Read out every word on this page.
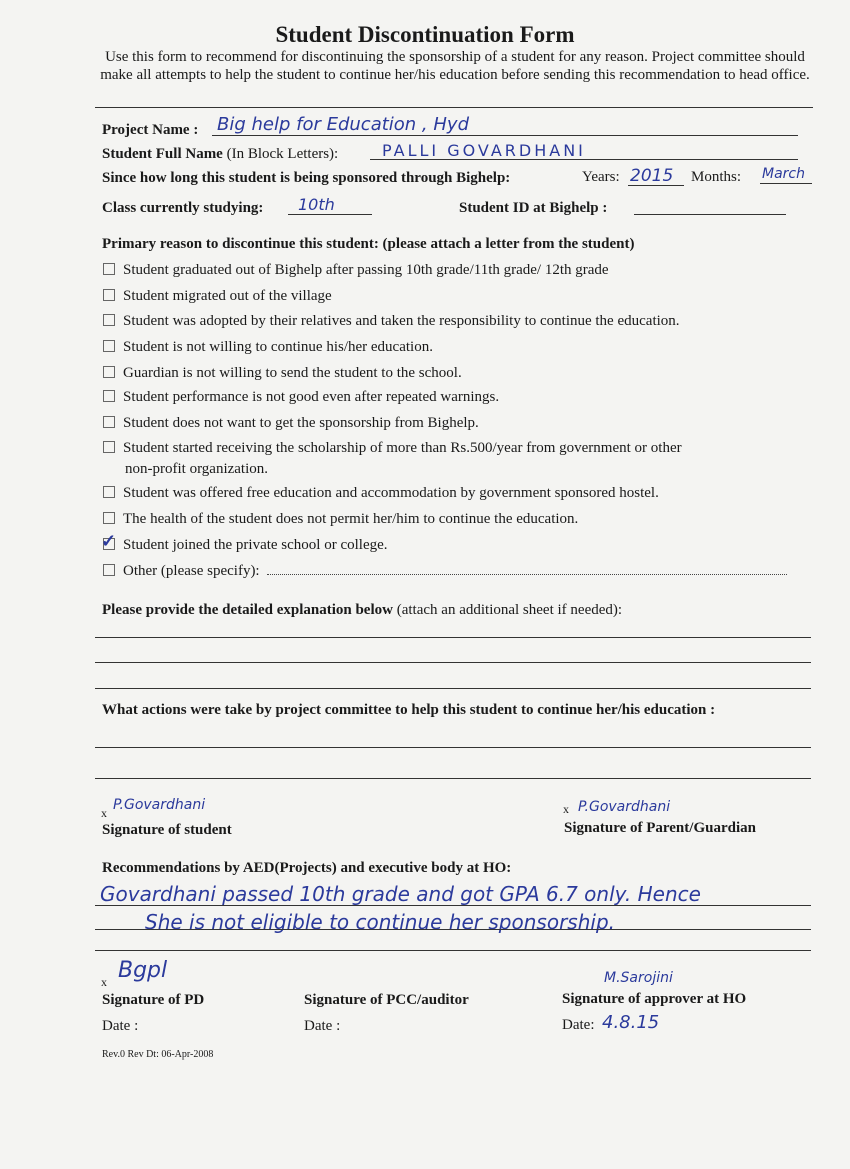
Student Discontinuation Form
Use this form to recommend for discontinuing the sponsorship of a student for any reason. Project committee should make all attempts to help the student to continue her/his education before sending this recommendation to head office.
Project Name : Big help for Education , Hyd
Student Full Name (In Block Letters):	PALLI GOVARDHANI
Since how long this student is being sponsored through Bighelp:	Years: 2015 Months: March
Class currently studying: 10th	Student ID at Bighelp :
Primary reason to discontinue this student: (please attach a letter from the student)
Student graduated out of Bighelp after passing 10th grade/11th grade/ 12th grade
Student migrated out of the village
Student was adopted by their relatives and taken the responsibility to continue the education.
Student is not willing to continue his/her education.
Guardian is not willing to send the student to the school.
Student performance is not good even after repeated warnings.
Student does not want to get the sponsorship from Bighelp.
Student started receiving the scholarship of more than Rs.500/year from government or other
non-profit organization.
Student was offered free education and accommodation by government sponsored hostel.
The health of the student does not permit her/him to continue the education.
Student joined the private school or college.
✓
Other (please specify):
Please provide the detailed explanation below (attach an additional sheet if needed):
What actions were take by project committee to help this student to continue her/his education :
x P.Govardhani
Signature of student
x P.Govardhani
Signature of Parent/Guardian
Recommendations by AED(Projects) and executive body at HO:
Govardhani passed 10th grade and got GPA 6.7 only. Hence
She is not eligible to continue her sponsorship.
x Bgpl
Signature of PD
Date :
Signature of PCC/auditor
Date :
M.Sarojini
Signature of approver at HO
Date: 4.8.15
Rev.0 Rev Dt: 06-Apr-2008
